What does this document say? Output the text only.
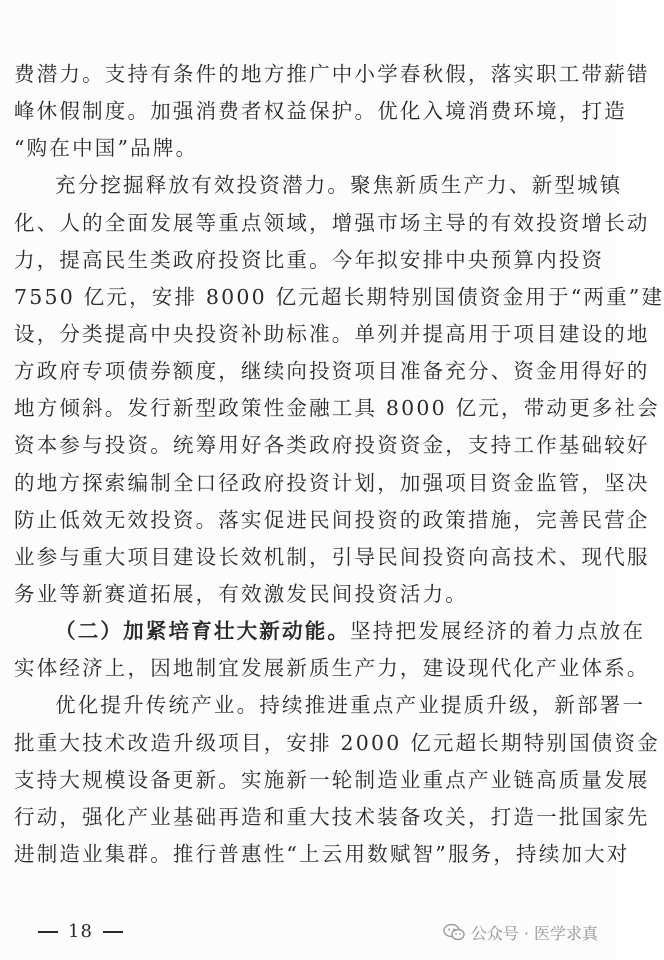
费潜力。支持有条件的地方推广中小学春秋假，落实职工带薪错
峰休假制度。加强消费者权益保护。优化入境消费环境，打造
“购在中国”品牌。
充分挖掘释放有效投资潜力。聚焦新质生产力、新型城镇
化、人的全面发展等重点领域，增强市场主导的有效投资增长动
力，提高民生类政府投资比重。今年拟安排中央预算内投资
7550 亿元，安排 8000 亿元超长期特别国债资金用于“两重”建
设，分类提高中央投资补助标准。单列并提高用于项目建设的地
方政府专项债券额度，继续向投资项目准备充分、资金用得好的
地方倾斜。发行新型政策性金融工具 8000 亿元，带动更多社会
资本参与投资。统筹用好各类政府投资资金，支持工作基础较好
的地方探索编制全口径政府投资计划，加强项目资金监管，坚决
防止低效无效投资。落实促进民间投资的政策措施，完善民营企
业参与重大项目建设长效机制，引导民间投资向高技术、现代服
务业等新赛道拓展，有效激发民间投资活力。
（二）加紧培育壮大新动能。坚持把发展经济的着力点放在
实体经济上，因地制宜发展新质生产力，建设现代化产业体系。
优化提升传统产业。持续推进重点产业提质升级，新部署一
批重大技术改造升级项目，安排 2000 亿元超长期特别国债资金
支持大规模设备更新。实施新一轮制造业重点产业链高质量发展
行动，强化产业基础再造和重大技术装备攻关，打造一批国家先
进制造业集群。推行普惠性“上云用数赋智”服务，持续加大对
18	公众号 · 医学求真
